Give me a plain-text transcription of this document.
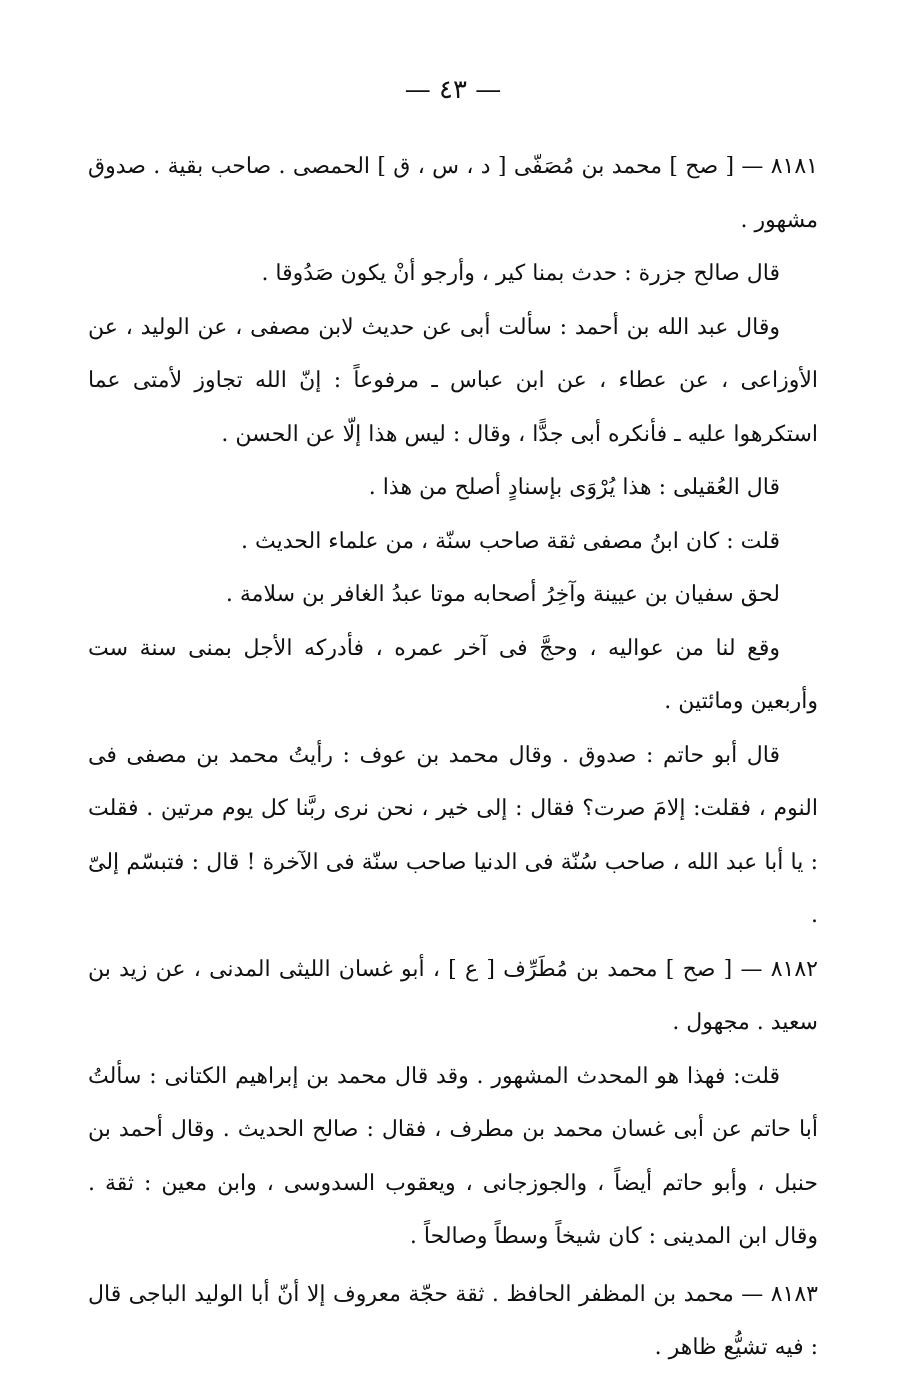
— ٤٣ —

٨١٨١ — [ صح ] محمد بن مُصَفّى [ د ، س ، ق ] الحمصى . صاحب بقية . صدوق مشهور .

قال صالح جزرة : حدث بمنا كير ، وأرجو أنْ يكون صَدُوقا .

وقال عبد الله بن أحمد : سألت أبى عن حديث لابن مصفى ، عن الوليد ، عن الأوزاعى ، عن عطاء ، عن ابن عباس ـ مرفوعاً : إنّ الله تجاوز لأمتى عما استكرهوا عليه ـ فأنكره أبى جدًّا ، وقال : ليس هذا إلّا عن الحسن .

قال العُقيلى : هذا يُرْوَى بإسنادٍ أصلح من هذا .

قلت : كان ابنُ مصفى ثقة صاحب سنّة ، من علماء الحديث .

لحق سفيان بن عيينة وآخِرُ أصحابه موتا عبدُ الغافر بن سلامة .

وقع لنا من عواليه ، وحجَّ فى آخر عمره ، فأدركه الأجل بمنى سنة ست وأربعين ومائتين .

قال أبو حاتم : صدوق . وقال محمد بن عوف : رأيتُ محمد بن مصفى فى النوم ، فقلت: إلامَ صرت؟ فقال : إلى خير ، نحن نرى ربَّنا كل يوم مرتين . فقلت : يا أبا عبد الله ، صاحب سُنّة فى الدنيا صاحب سنّة فى الآخرة ! قال : فتبسّم إلىّ .

٨١٨٢ — [ صح ] محمد بن مُطَرِّف [ ع ] ، أبو غسان الليثى المدنى ، عن زيد بن سعيد . مجهول .

قلت: فهذا هو المحدث المشهور . وقد قال محمد بن إبراهيم الكتانى : سألتُ أبا حاتم عن أبى غسان محمد بن مطرف ، فقال : صالح الحديث . وقال أحمد بن حنبل ، وأبو حاتم أيضاً ، والجوزجانى ، ويعقوب السدوسى ، وابن معين : ثقة . وقال ابن المدينى : كان شيخاً وسطاً وصالحاً .

٨١٨٣ — محمد بن المظفر الحافظ . ثقة حجّة معروف إلا أنّ أبا الوليد الباجى قال : فيه تشيُّع ظاهر .
